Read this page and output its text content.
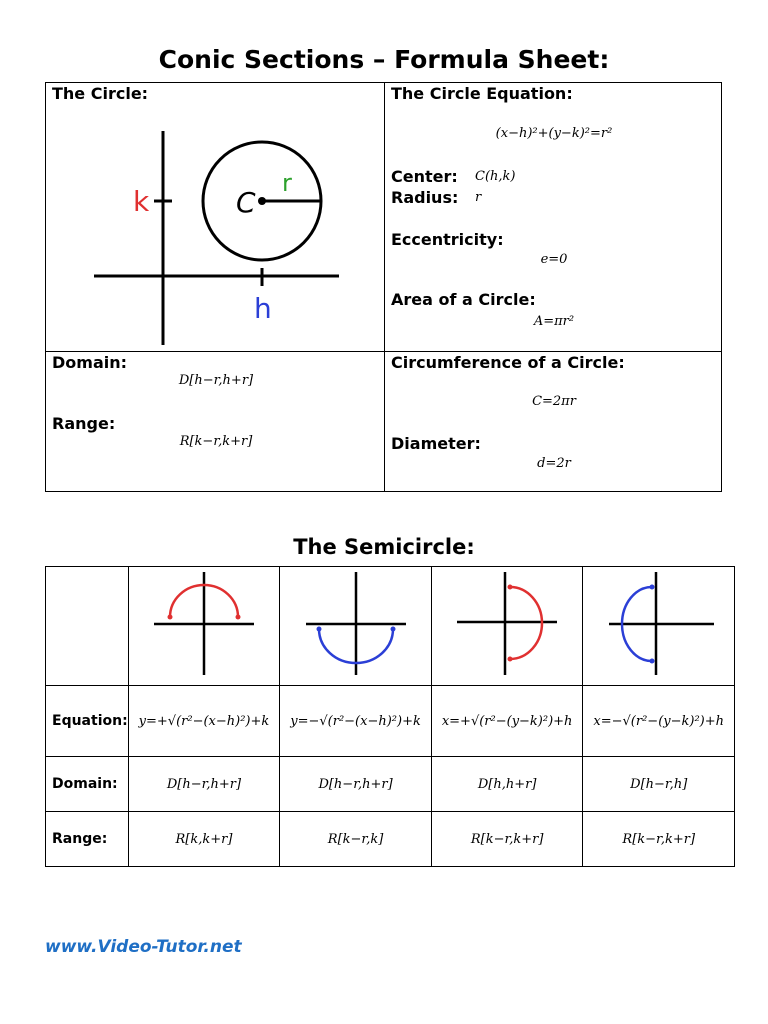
Conic Sections – Formula Sheet:
The Circle:
k
h
C
r
The Circle Equation:
(x−h)²+(y−k)²=r²
Center: C(h,k)
Radius: r
Eccentricity:
e=0
Area of a Circle:
A=πr²
Domain:
D[h−r,h+r]
Range:
R[k−r,k+r]
Circumference of a Circle:
C=2πr
Diameter:
d=2r
The Semicircle:

Equation:	y=+√(r²−(x−h)²)+k	y=−√(r²−(x−h)²)+k	x=+√(r²−(y−k)²)+h	x=−√(r²−(y−k)²)+h
Domain:	D[h−r,h+r]	D[h−r,h+r]	D[h,h+r]	D[h−r,h]
Range:	R[k,k+r]	R[k−r,k]	R[k−r,k+r]	R[k−r,k+r]
www.Video-Tutor.net
